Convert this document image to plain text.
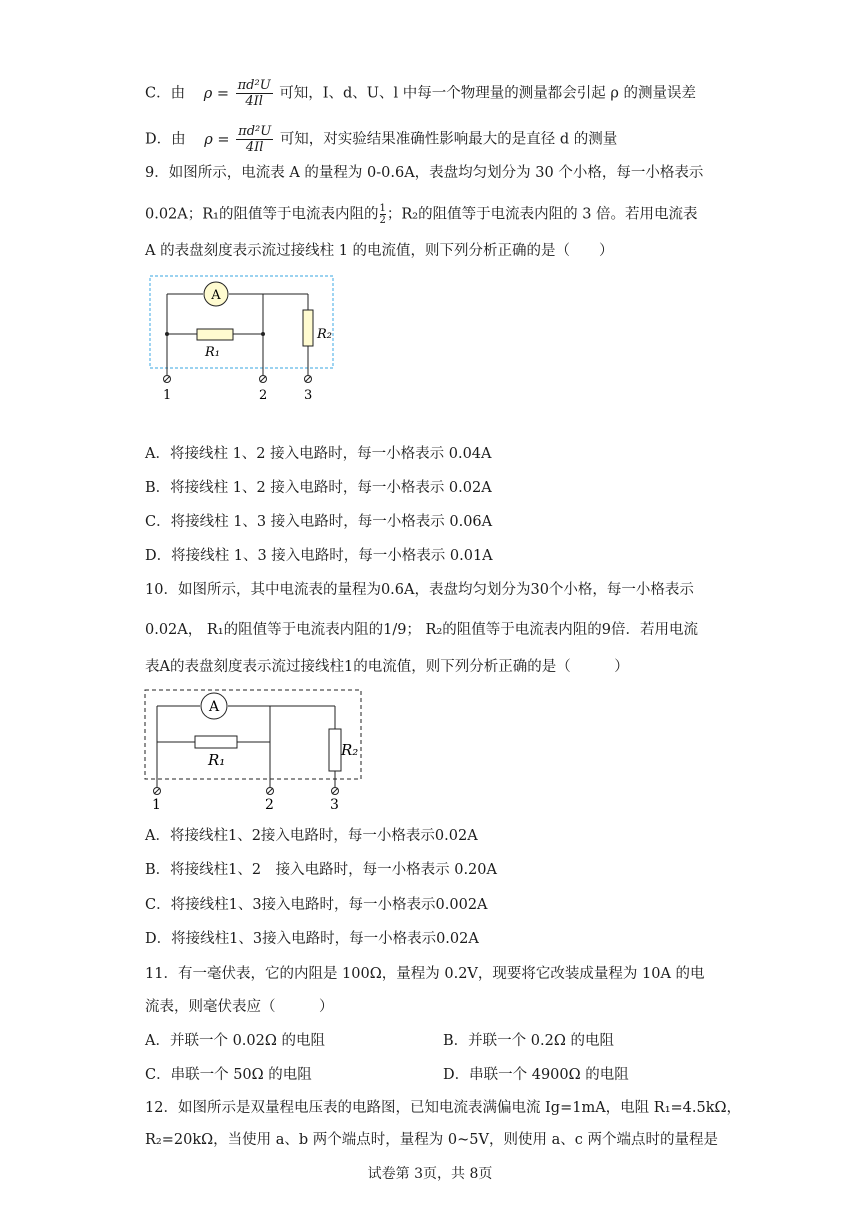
C．由 $\rho = \frac{\text{πd²U}}{4Il}$ 可知，I、d、U、l 中每一个物理量的测量都会引起 ρ 的测量误差
D．由 $\rho = \frac{\text{πd²U}}{4Il}$ 可知，对实验结果准确性影响最大的是直径 d 的测量
9．如图所示，电流表 A 的量程为 0-0.6A，表盘均匀划分为 30 个小格，每一小格表示
0.02A；R₁的阻值等于电流表内阻的 $\frac{1}{2}$；R₂的阻值等于电流表内阻的 3 倍。若用电流表
A 的表盘刻度表示流过接线柱 1 的电流值，则下列分析正确的是（　　）
A
R₁
R₂
1	2	3
A．将接线柱 1、2 接入电路时，每一小格表示 0.04A
B．将接线柱 1、2 接入电路时，每一小格表示 0.02A
C．将接线柱 1、3 接入电路时，每一小格表示 0.06A
D．将接线柱 1、3 接入电路时，每一小格表示 0.01A
10．如图所示，其中电流表的量程为0.6A，表盘均匀划分为30个小格，每一小格表示
0.02A， R₁的阻值等于电流表内阻的1/9； R₂的阻值等于电流表内阻的9倍．若用电流
表A的表盘刻度表示流过接线柱1的电流值，则下列分析正确的是（　　　）
A
R₁
R₂
1	2	3
A．将接线柱1、2接入电路时，每一小格表示0.02A
B．将接线柱1、2　接入电路时，每一小格表示 0.20A
C．将接线柱1、3接入电路时，每一小格表示0.002A
D．将接线柱1、3接入电路时，每一小格表示0.02A
11．有一毫伏表，它的内阻是 100Ω，量程为 0.2V，现要将它改装成量程为 10A 的电
流表，则毫伏表应（　　　）
A．并联一个 0.02Ω 的电阻	B．并联一个 0.2Ω 的电阻
C．串联一个 50Ω 的电阻	D．串联一个 4900Ω 的电阻
12．如图所示是双量程电压表的电路图，已知电流表满偏电流 Ig=1mA，电阻 R₁=4.5kΩ，
R₂=20kΩ，当使用 a、b 两个端点时，量程为 0~5V，则使用 a、c 两个端点时的量程是
试卷第 3页，共 8页
